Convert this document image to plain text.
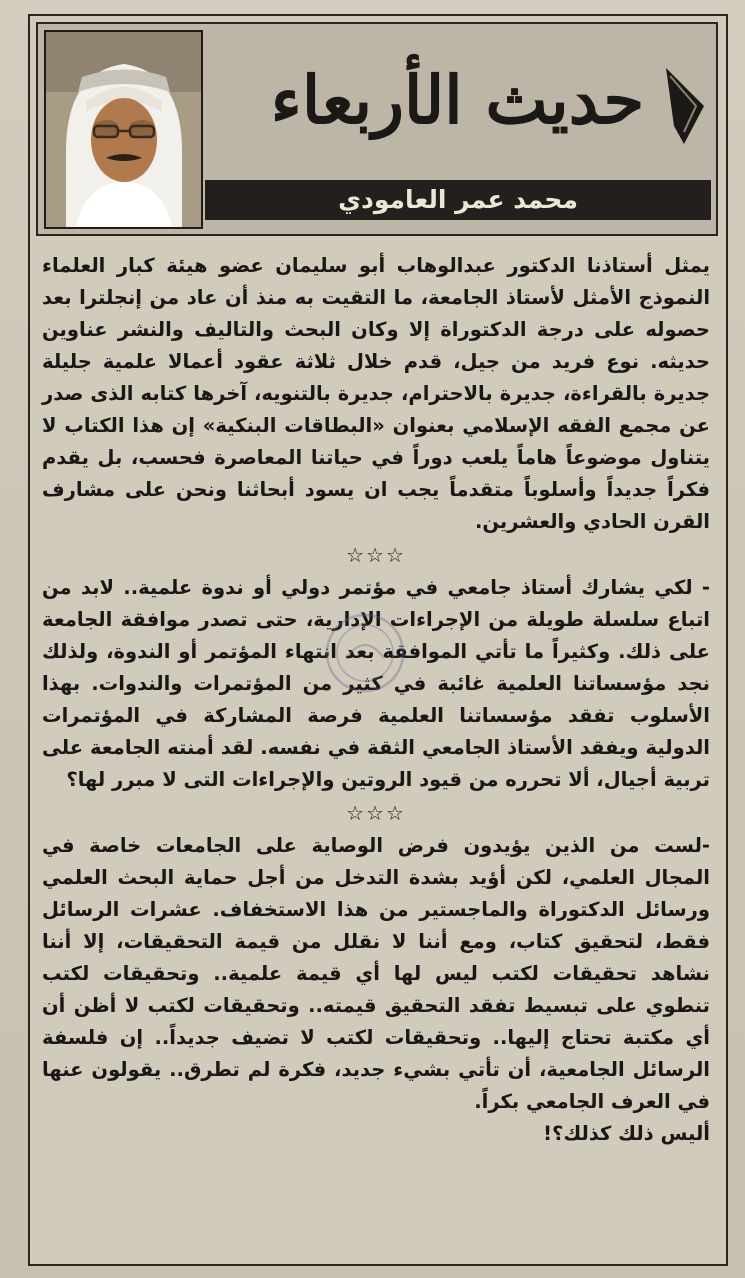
حديث الأربعاء
محمد عمر العامودي

يمثل أستاذنا الدكتور عبدالوهاب أبو سليمان عضو هيئة كبار العلماء النموذج الأمثل لأستاذ الجامعة، ما التقيت به منذ أن عاد من إنجلترا بعد حصوله على درجة الدكتوراة إلا وكان البحث والتاليف والنشر عناوين حديثه. نوع فريد من جيل، قدم خلال ثلاثة عقود أعمالا علمية جليلة جديرة بالقراءة، جديرة بالاحترام، جديرة بالتنويه، آخرها كتابه الذى صدر عن مجمع الفقه الإسلامي بعنوان «البطاقات البنكية» إن هذا الكتاب لا يتناول موضوعاً هاماً يلعب دوراً في حياتنا المعاصرة فحسب، بل يقدم فكراً جديداً وأسلوباً متقدماً يجب ان يسود أبحاثنا ونحن على مشارف القرن الحادي والعشرين.

☆☆☆

- لكي يشارك أستاذ جامعي في مؤتمر دولي أو ندوة علمية.. لابد من اتباع سلسلة طويلة من الإجراءات الإدارية، حتى تصدر موافقة الجامعة على ذلك. وكثيراً ما تأتي الموافقة بعد انتهاء المؤتمر أو الندوة، ولذلك نجد مؤسساتنا العلمية غائبة في كثير من المؤتمرات والندوات. بهذا الأسلوب تفقد مؤسساتنا العلمية فرصة المشاركة في المؤتمرات الدولية ويفقد الأستاذ الجامعي الثقة في نفسه. لقد أمنته الجامعة على تربية أجيال، ألا تحرره من قيود الروتين والإجراءات التى لا مبرر لها؟

☆☆☆

-لست من الذين يؤيدون فرض الوصاية على الجامعات خاصة في المجال العلمي، لكن أؤيد بشدة التدخل من أجل حماية البحث العلمي ورسائل الدكتوراة والماجستير من هذا الاستخفاف. عشرات الرسائل فقط، لتحقيق كتاب، ومع أننا لا نقلل من قيمة التحقيقات، إلا أننا نشاهد تحقيقات لكتب ليس لها أي قيمة علمية.. وتحقيقات لكتب تنطوي على تبسيط تفقد التحقيق قيمته.. وتحقيقات لكتب لا أظن أن أي مكتبة تحتاج إليها.. وتحقيقات لكتب لا تضيف جديداً.. إن فلسفة الرسائل الجامعية، أن تأتي بشيء جديد، فكرة لم تطرق.. يقولون عنها في العرف الجامعي بكراً.

أليس ذلك كذلك؟!
